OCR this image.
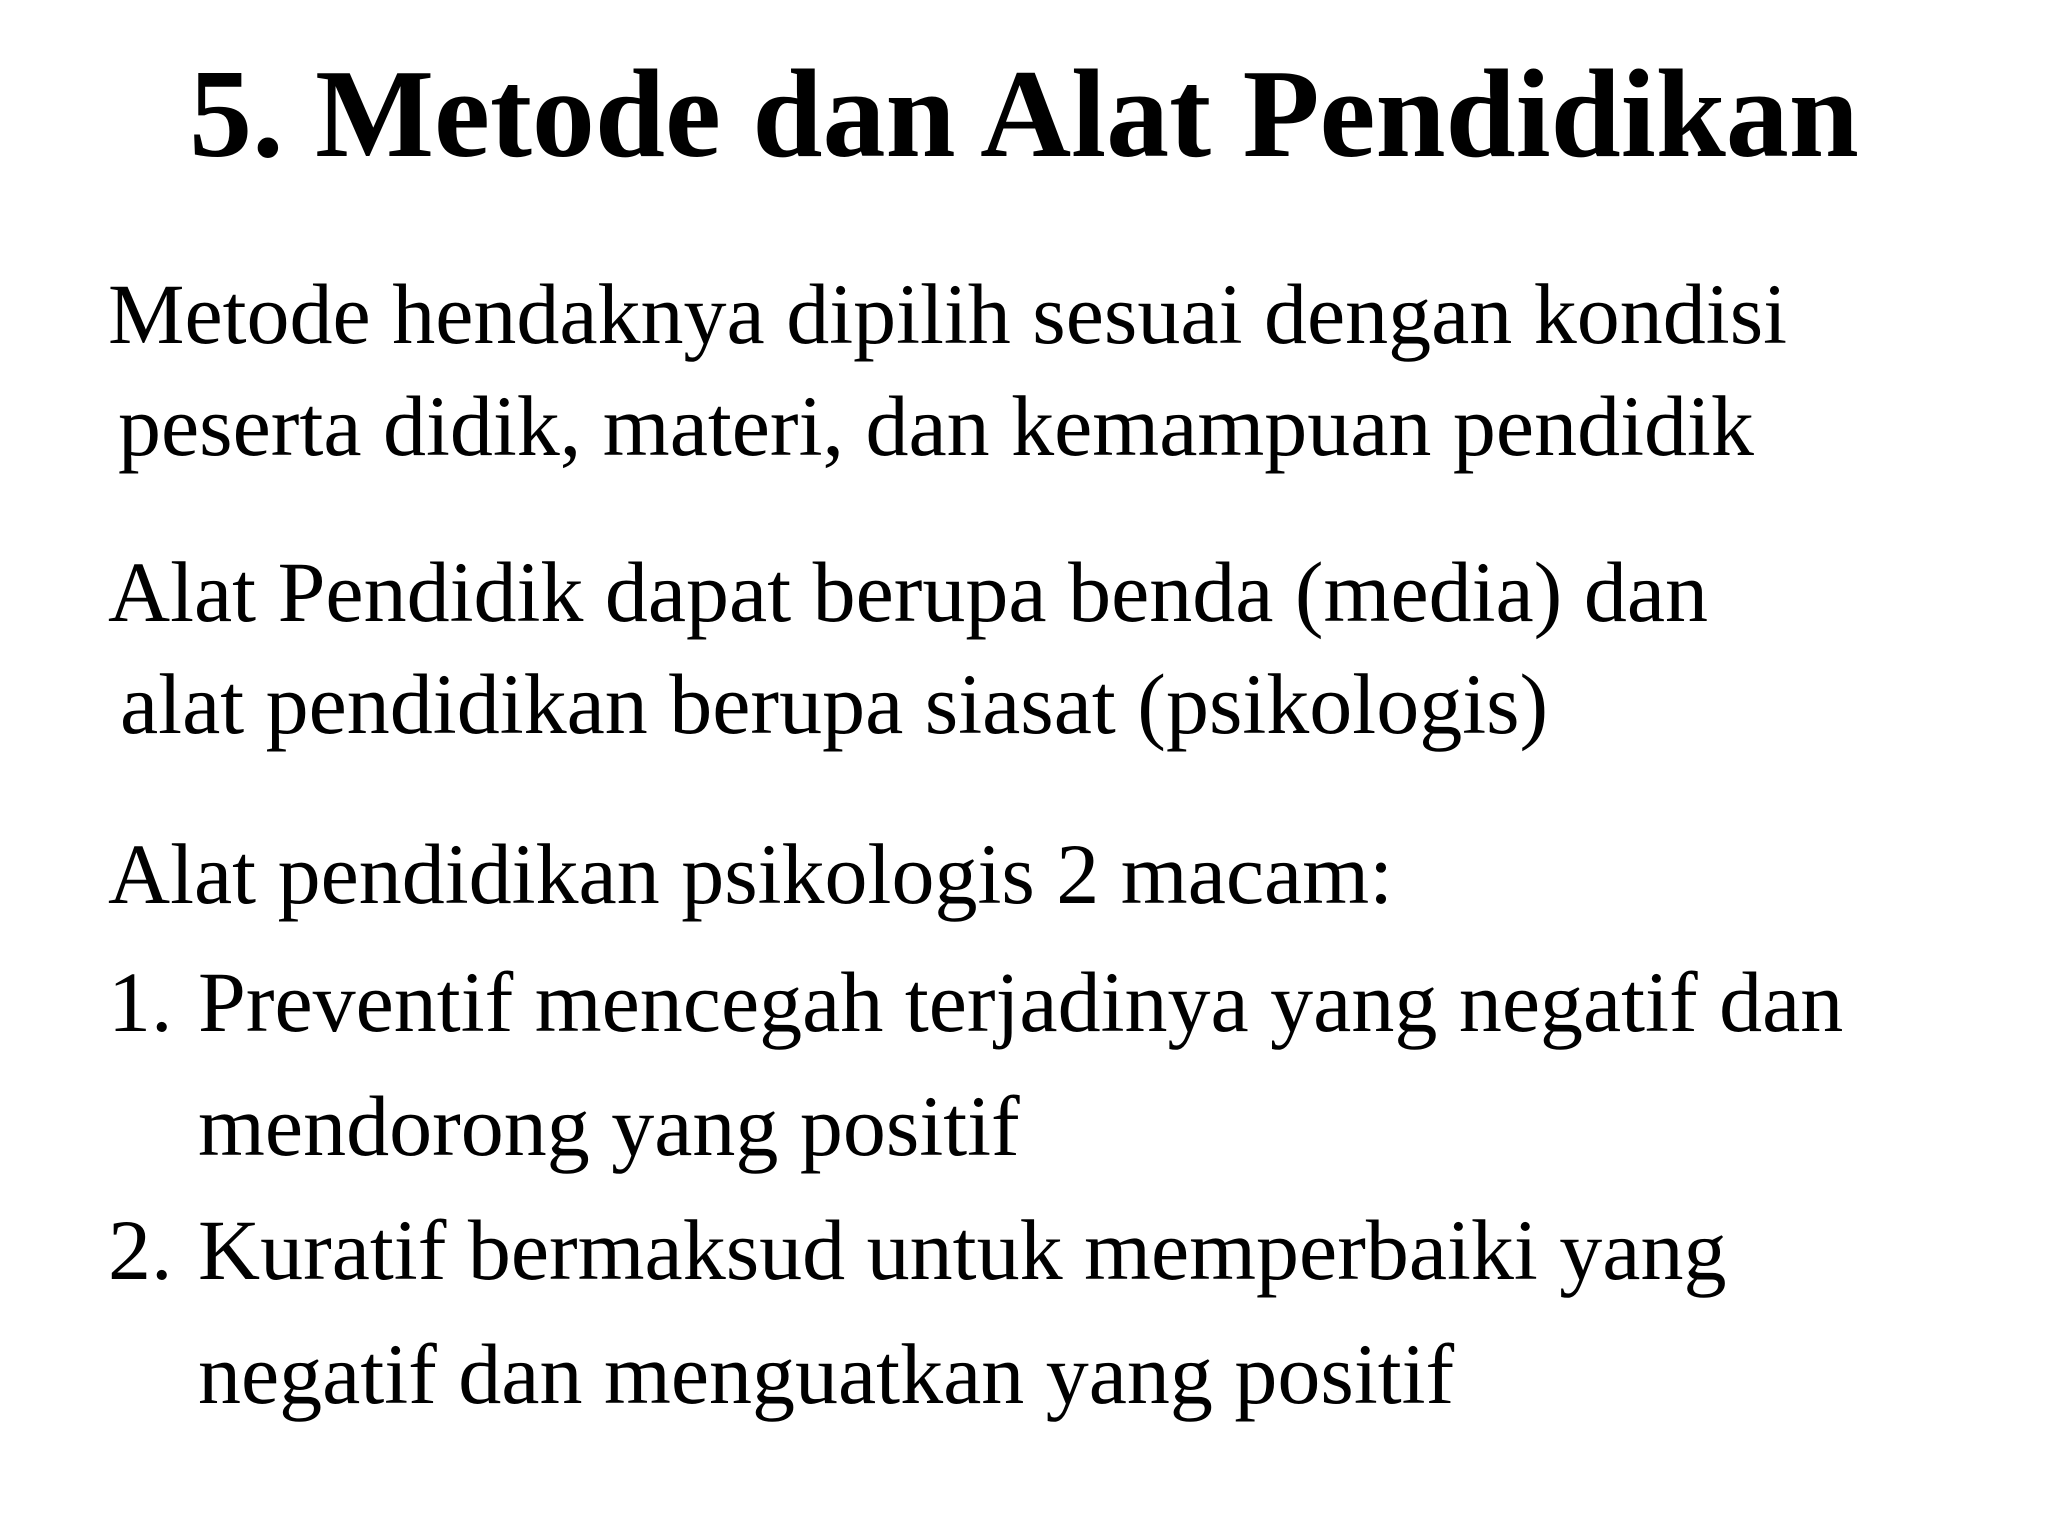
5. Metode dan Alat Pendidikan
Metode hendaknya dipilih sesuai dengan kondisi
peserta didik, materi, dan kemampuan pendidik
Alat Pendidik dapat berupa benda (media) dan
alat pendidikan berupa siasat (psikologis)
Alat pendidikan psikologis 2 macam:
1. Preventif mencegah terjadinya yang negatif dan
mendorong yang positif
2. Kuratif bermaksud untuk memperbaiki yang
negatif dan menguatkan yang positif
